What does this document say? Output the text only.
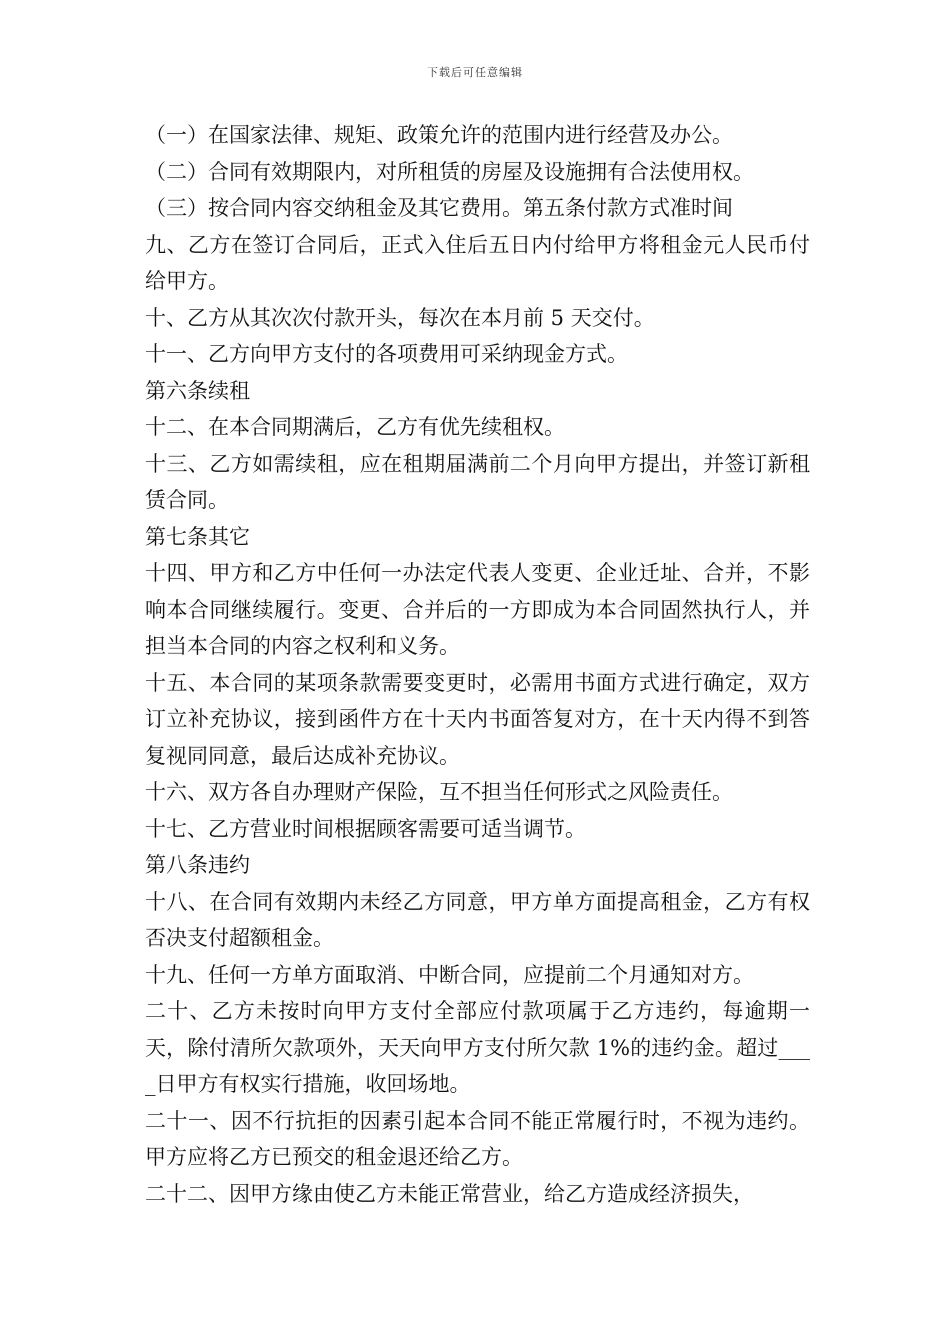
下载后可任意编辑

（一）在国家法律、规矩、政策允许的范围内进行经营及办公。

（二）合同有效期限内，对所租赁的房屋及设施拥有合法使用权。

（三）按合同内容交纳租金及其它费用。第五条付款方式准时间

九、乙方在签订合同后，正式入住后五日内付给甲方将租金元人民币付给甲方。

十、乙方从其次次付款开头，每次在本月前 5 天交付。

十一、乙方向甲方支付的各项费用可采纳现金方式。

第六条续租

十二、在本合同期满后，乙方有优先续租权。

十三、乙方如需续租，应在租期届满前二个月向甲方提出，并签订新租赁合同。

第七条其它

十四、甲方和乙方中任何一办法定代表人变更、企业迁址、合并，不影响本合同继续履行。变更、合并后的一方即成为本合同固然执行人，并担当本合同的内容之权利和义务。

十五、本合同的某项条款需要变更时，必需用书面方式进行确定，双方订立补充协议，接到函件方在十天内书面答复对方，在十天内得不到答复视同同意，最后达成补充协议。

十六、双方各自办理财产保险，互不担当任何形式之风险责任。

十七、乙方营业时间根据顾客需要可适当调节。

第八条违约

十八、在合同有效期内未经乙方同意，甲方单方面提高租金，乙方有权否决支付超额租金。

十九、任何一方单方面取消、中断合同，应提前二个月通知对方。

二十、乙方未按时向甲方支付全部应付款项属于乙方违约，每逾期一天，除付清所欠款项外，天天向甲方支付所欠款 1%的违约金。超过____日甲方有权实行措施，收回场地。

二十一、因不行抗拒的因素引起本合同不能正常履行时，不视为违约。甲方应将乙方已预交的租金退还给乙方。

二十二、因甲方缘由使乙方未能正常营业，给乙方造成经济损失，
